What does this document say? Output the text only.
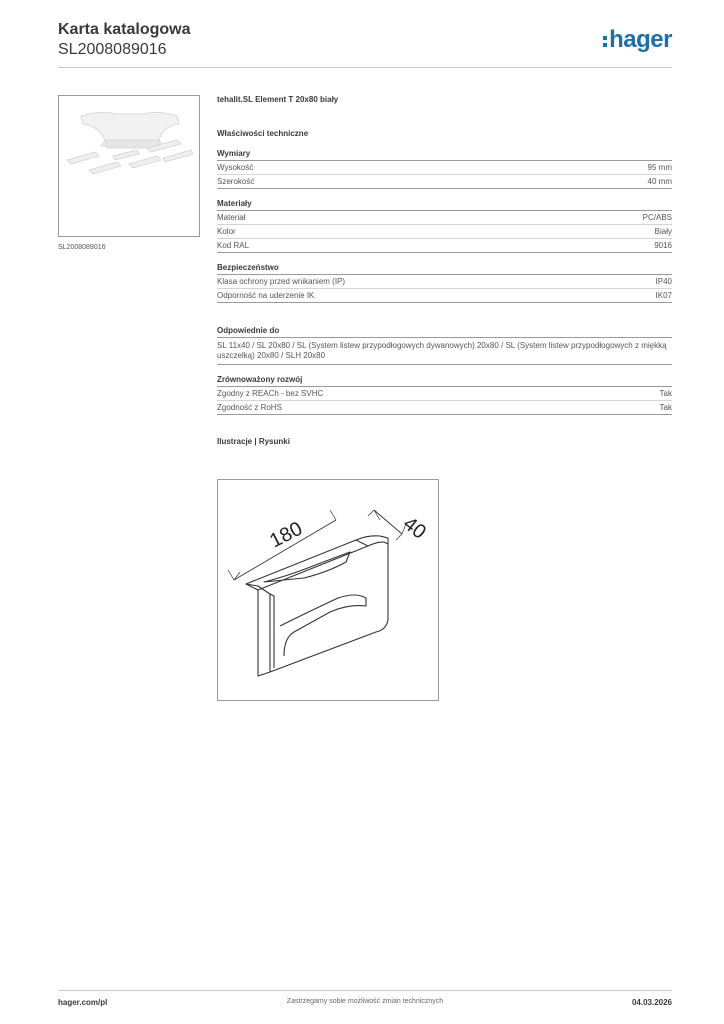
Karta katalogowa
SL2008089016	hager
SL2008089016
tehalit.SL Element T 20x80 biały
Właściwości techniczne
Wymiary
Wysokość	95 mm
Szerokość	40 mm
Materiały
Materiał	PC/ABS
Kolor	Biały
Kod RAL	9016
Bezpieczeństwo
Klasa ochrony przed wnikaniem (IP)	IP40
Odporność na uderzenie IK	IK07
Odpowiednie do
SL 11x40 / SL 20x80 / SL (System listew przypodłogowych dywanowych) 20x80 / SL (System listew przypodłogowych z miękką uszczelką) 20x80 / SLH 20x80
Zrównoważony rozwój
Zgodny z REACh - bez SVHC	Tak
Zgodność z RoHS	Tak
Ilustracje | Rysunki
180	40
hager.com/pl	Zastrzegamy sobie możliwość zmian technicznych	04.03.2026
